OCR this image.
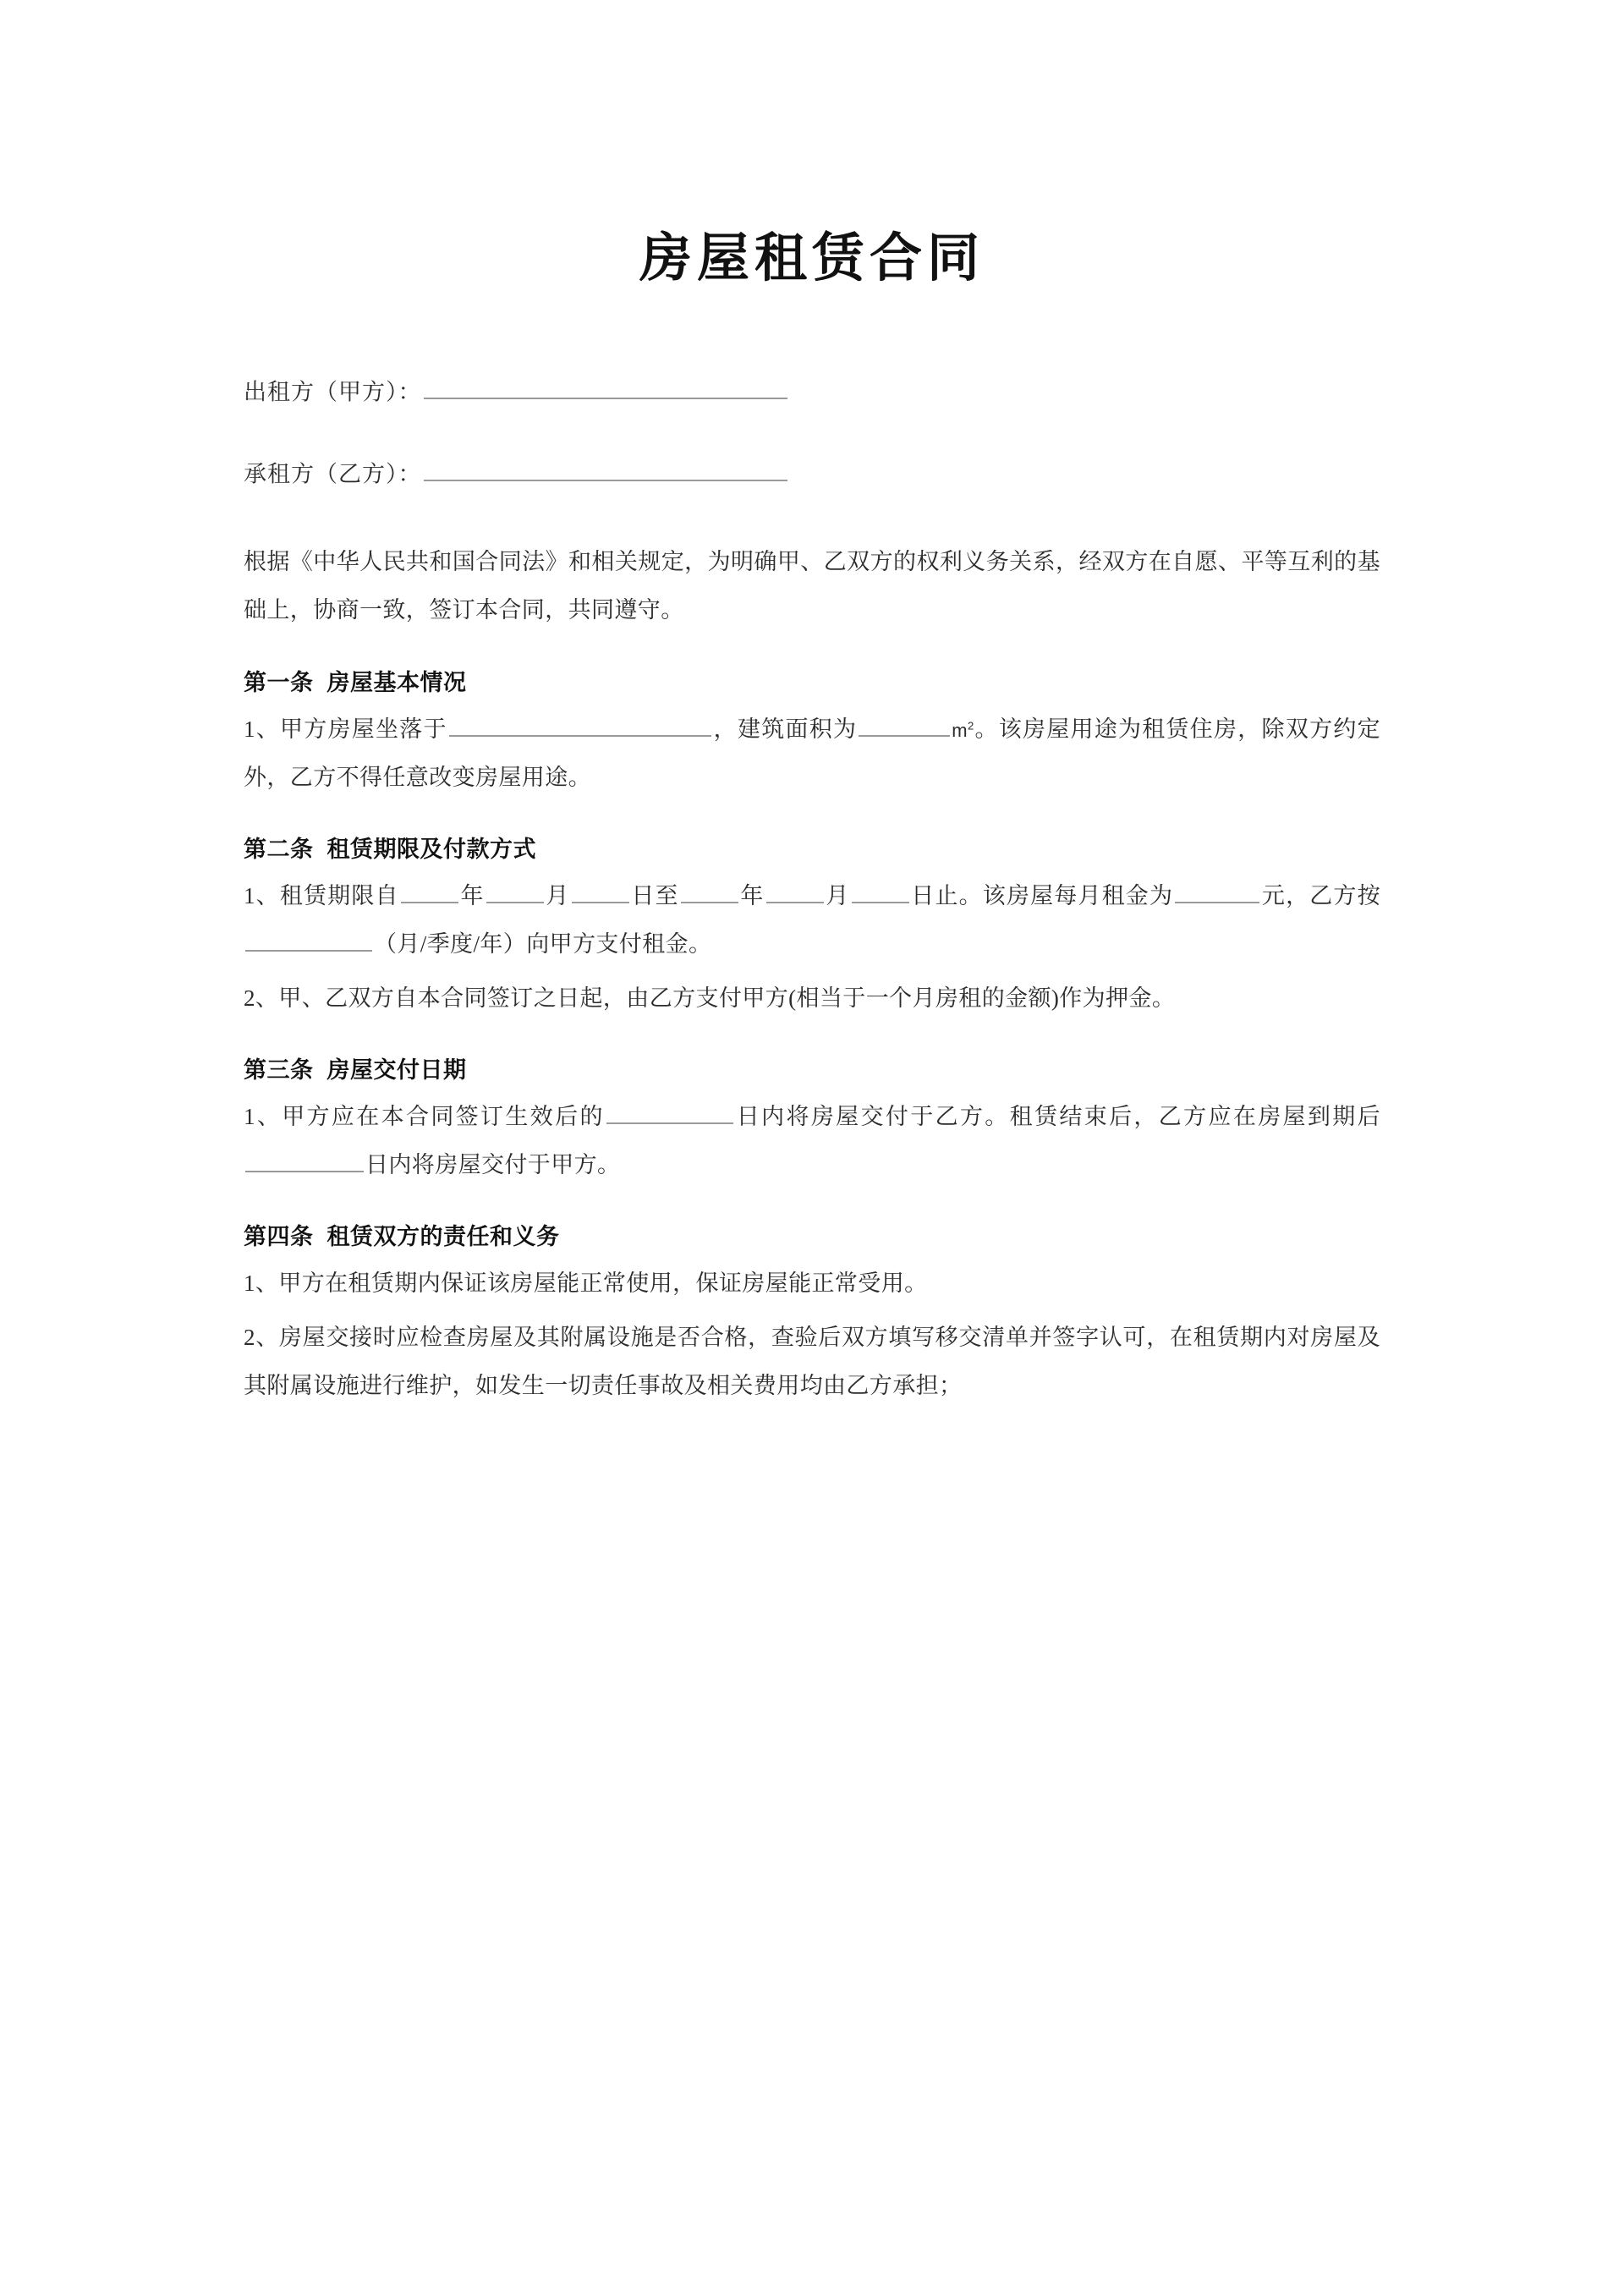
房屋租赁合同
出租方（甲方）：
承租方（乙方）：

根据《中华人民共和国合同法》和相关规定，为明确甲、乙双方的权利义务关系，经双方在自愿、平等互利的基础上，协商一致，签订本合同，共同遵守。

第一条 房屋基本情况

1、甲方房屋坐落于	，建筑面积为	$m^2$。该房屋用途为租赁住房，除双方约定外，乙方不得任意改变房屋用途。

第二条 租赁期限及付款方式

1、租赁期限自	年	月	日至	年	月	日止。该房屋每月租金为	元，乙方按（月/季度/年）向甲方支付租金。

2、甲、乙双方自本合同签订之日起，由乙方支付甲方(相当于一个月房租的金额)作为押金。

第三条 房屋交付日期

1、甲方应在本合同签订生效后的	日内将房屋交付于乙方。租赁结束后，乙方应在房屋到期后日内将房屋交付于甲方。

第四条 租赁双方的责任和义务

1、甲方在租赁期内保证该房屋能正常使用，保证房屋能正常受用。

2、房屋交接时应检查房屋及其附属设施是否合格，查验后双方填写移交清单并签字认可，在租赁期内对房屋及其附属设施进行维护，如发生一切责任事故及相关费用均由乙方承担；
